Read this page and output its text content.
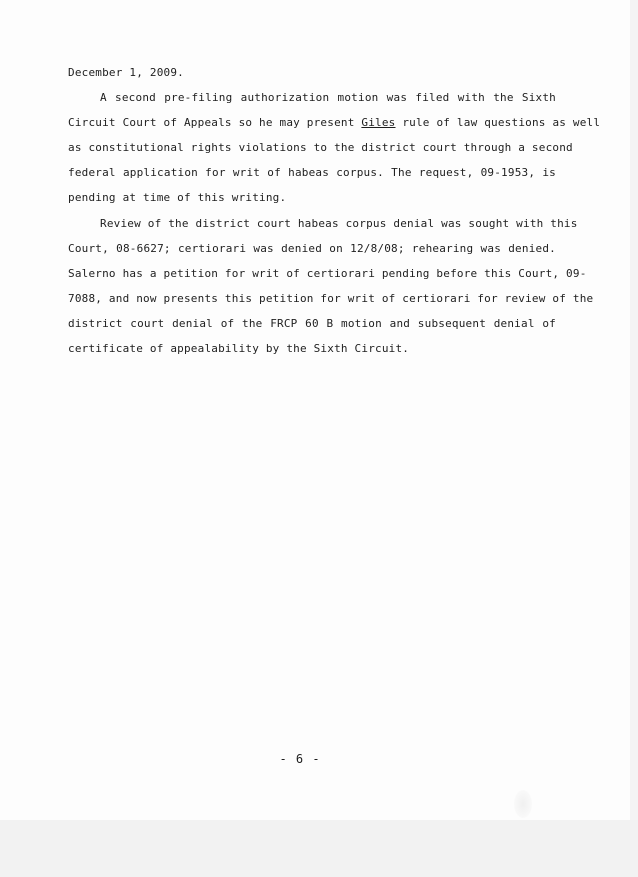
December 1, 2009.
A second pre-filing authorization motion was filed with the Sixth
Circuit Court of Appeals so he may present Giles rule of law questions as well
as constitutional rights violations to the district court through a second
federal application for writ of habeas corpus. The request, 09-1953, is
pending at time of this writing.
Review of the district court habeas corpus denial was sought with this
Court, 08-6627; certiorari was denied on 12/8/08; rehearing was denied.
Salerno has a petition for writ of certiorari pending before this Court, 09-
7088, and now presents this petition for writ of certiorari for review of the
district court denial of the FRCP 60 B motion and subsequent denial of
certificate of appealability by the Sixth Circuit.
- 6 -
